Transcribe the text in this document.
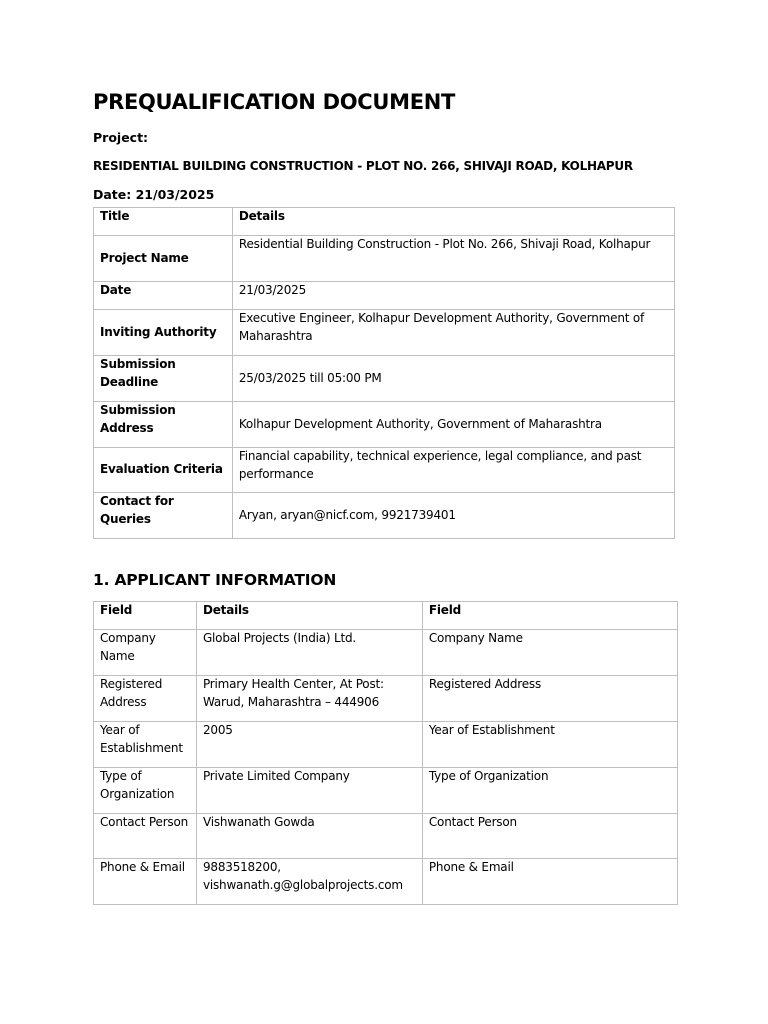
PREQUALIFICATION DOCUMENT
Project:
RESIDENTIAL BUILDING CONSTRUCTION - PLOT NO. 266, SHIVAJI ROAD, KOLHAPUR
Date: 21/03/2025
Title	Details
Project Name	Residential Building Construction - Plot No. 266, Shivaji Road, Kolhapur
Date	21/03/2025
Inviting Authority	Executive Engineer, Kolhapur Development Authority, Government of Maharashtra
Submission Deadline	25/03/2025 till 05:00 PM
Submission Address	Kolhapur Development Authority, Government of Maharashtra
Evaluation Criteria	Financial capability, technical experience, legal compliance, and past performance
Contact for Queries	Aryan, aryan@nicf.com, 9921739401
1. APPLICANT INFORMATION
Field	Details	Field
Company Name	Global Projects (India) Ltd.	Company Name
Registered Address	Primary Health Center, At Post: Warud, Maharashtra – 444906	Registered Address
Year of Establishment	2005	Year of Establishment
Type of Organization	Private Limited Company	Type of Organization
Contact Person	Vishwanath Gowda	Contact Person
Phone & Email	9883518200, vishwanath.g@globalprojects.com	Phone & Email
